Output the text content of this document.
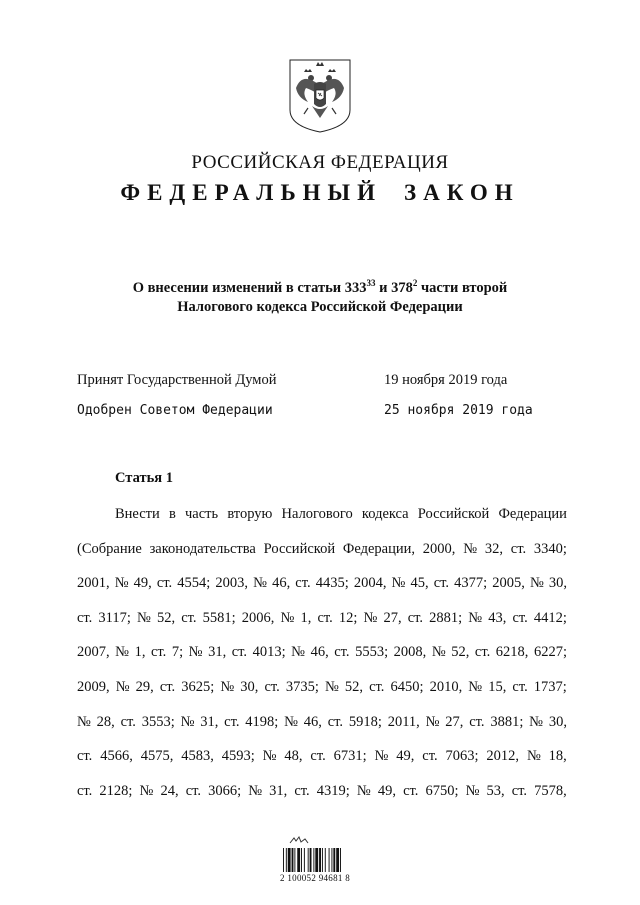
РОССИЙСКАЯ ФЕДЕРАЦИЯ
ФЕДЕРАЛЬНЫЙ ЗАКОН
О внесении изменений в статьи $333^{33}$ и $378^2$ части второй
Налогового кодекса Российской Федерации
Принят Государственной Думой	19 ноября 2019 года
Одобрен Советом Федерации	25 ноября 2019 года
Статья 1
Внести в часть вторую Налогового кодекса Российской Федерации
(Собрание законодательства Российской Федерации, 2000, № 32, ст. 3340;
2001, № 49, ст. 4554; 2003, № 46, ст. 4435; 2004, № 45, ст. 4377; 2005, № 30,
ст. 3117; № 52, ст. 5581; 2006, № 1, ст. 12; № 27, ст. 2881; № 43, ст. 4412;
2007, № 1, ст. 7; № 31, ст. 4013; № 46, ст. 5553; 2008, № 52, ст. 6218, 6227;
2009, № 29, ст. 3625; № 30, ст. 3735; № 52, ст. 6450; 2010, № 15, ст. 1737;
№ 28, ст. 3553; № 31, ст. 4198; № 46, ст. 5918; 2011, № 27, ст. 3881; № 30,
ст. 4566, 4575, 4583, 4593; № 48, ст. 6731; № 49, ст. 7063; 2012, № 18,
ст. 2128; № 24, ст. 3066; № 31, ст. 4319; № 49, ст. 6750; № 53, ст. 7578,
2 100052 94681 8
